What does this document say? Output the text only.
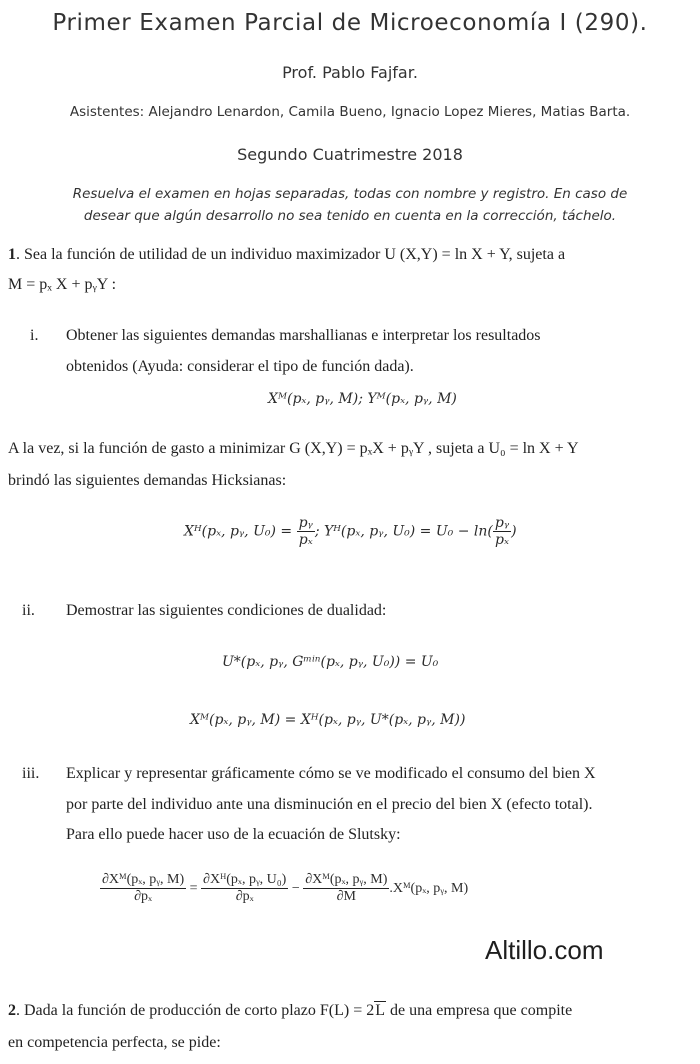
Primer Examen Parcial de Microeconomía I (290).
Prof. Pablo Fajfar.
Asistentes: Alejandro Lenardon, Camila Bueno, Ignacio Lopez Mieres, Matias Barta.
Segundo Cuatrimestre 2018
Resuelva el examen en hojas separadas, todas con nombre y registro. En caso de
desear que algún desarrollo no sea tenido en cuenta en la corrección, táchelo.
1. Sea la función de utilidad de un individuo maximizador U (X,Y) = ln X + Y, sujeta a
M = pₓ X + pᵧY :
i. Obtener las siguientes demandas marshallianas e interpretar los resultados
obtenidos (Ayuda: considerar el tipo de función dada).
Xᴹ(pₓ, pᵧ, M); Yᴹ(pₓ, pᵧ, M)
A la vez, si la función de gasto a minimizar G (X,Y) = pₓX + pᵧY , sujeta a U₀ = ln X + Y
brindó las siguientes demandas Hicksianas:
Xᴴ(pₓ, pᵧ, $U_0) = \frac{\text{pᵧ}}{\text{pₓ}}$ ; Yᴴ(pₓ, pᵧ, $U_0) = U_0 - \ln( \frac{\text{pᵧ}}{\text{pₓ}}$ )
ii. Demostrar las siguientes condiciones de dualidad:
U*(pₓ, pᵧ, Gᵐⁱⁿ(pₓ, pᵧ, U₀)) = U₀
Xᴹ(pₓ, pᵧ, M) = Xᴴ(pₓ, pᵧ, U*(pₓ, pᵧ, M))
iii. Explicar y representar gráficamente cómo se ve modificado el consumo del bien X
por parte del individuo ante una disminución en el precio del bien X (efecto total).
Para ello puede hacer uso de la ecuación de Slutsky:
$\frac{\text{∂Xᴹ(pₓ, pᵧ, M)}}{\text{∂pₓ}} = \frac{\text{∂Xᴴ(pₓ, pᵧ, U₀)}}{\text{∂pₓ}} - \frac{\text{∂Xᴹ(pₓ, pᵧ, M)}}{\partial M}$ .Xᴹ(pₓ, pᵧ, M)
Altillo.com
2. Dada la función de producción de corto plazo F(L) = 2L de una empresa que compite
en competencia perfecta, se pide:
